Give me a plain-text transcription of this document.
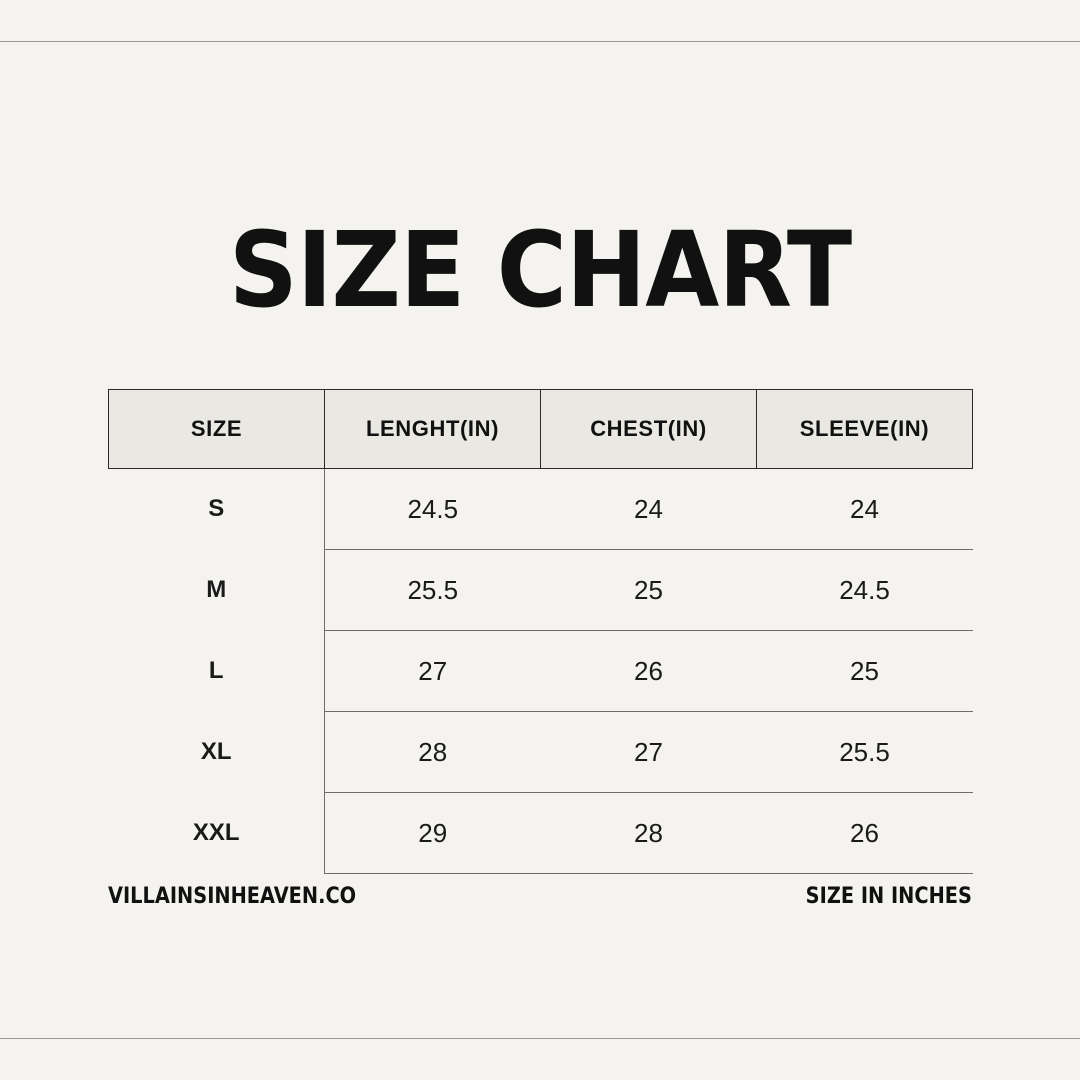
SIZE CHART
SIZE	LENGHT(IN)	CHEST(IN)	SLEEVE(IN)
S	24.5	24	24
M	25.5	25	24.5
L	27	26	25
XL	28	27	25.5
XXL	29	28	26
VILLAINSINHEAVEN.CO	SIZE IN INCHES
